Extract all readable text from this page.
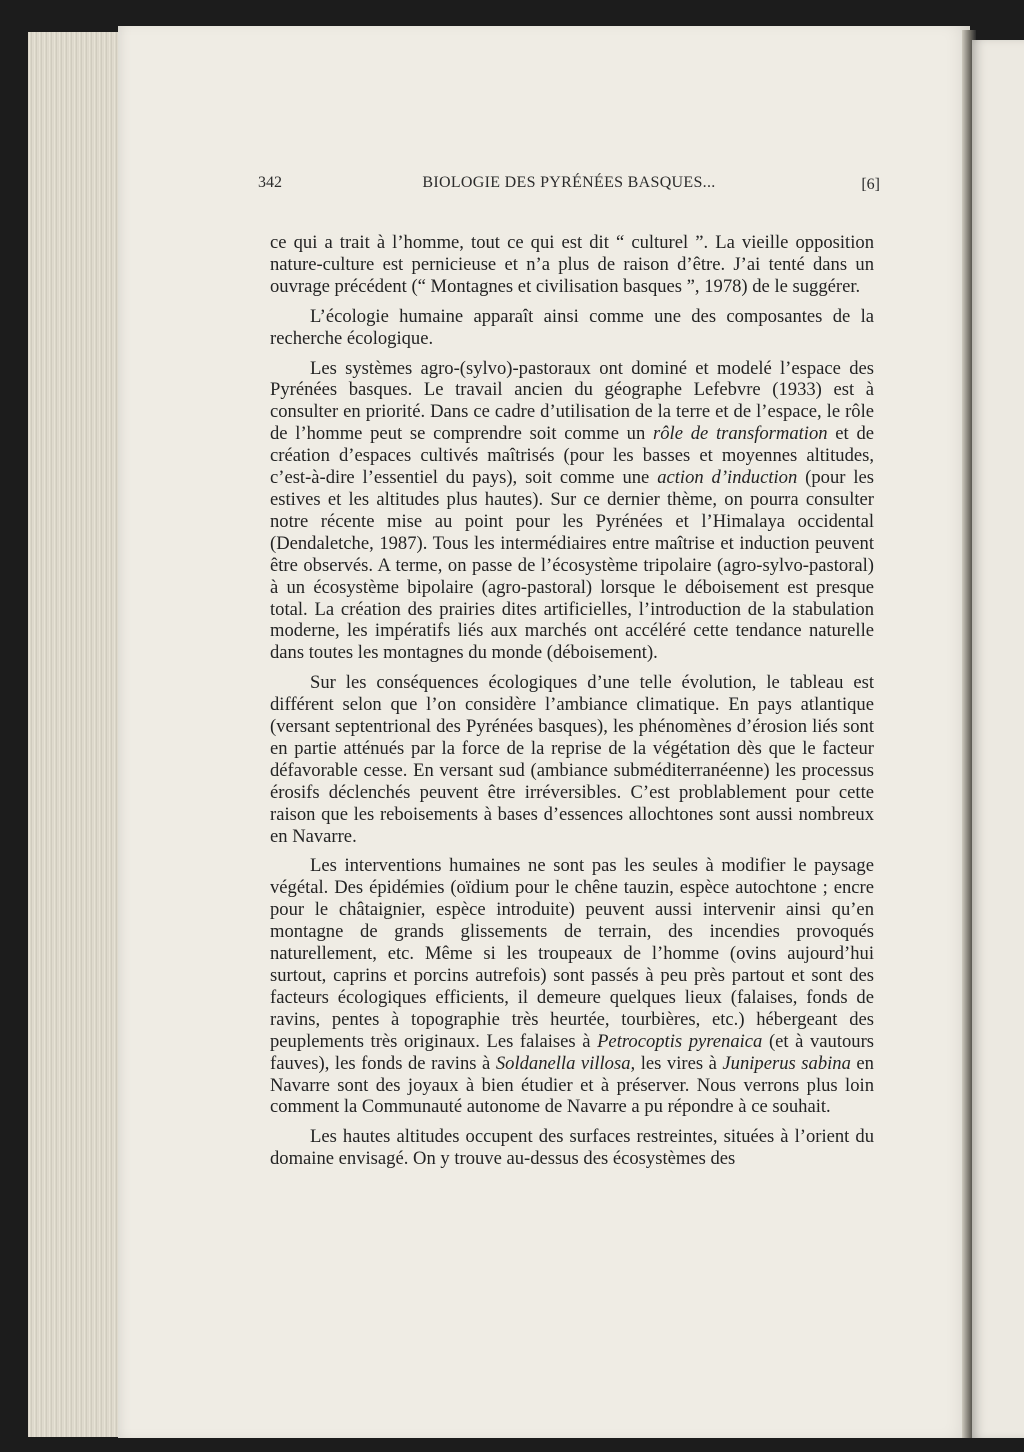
342	BIOLOGIE DES PYRÉNÉES BASQUES...	[6]

ce qui a trait à l’homme, tout ce qui est dit “ culturel ”. La vieille opposition nature-culture est pernicieuse et n’a plus de raison d’être. J’ai tenté dans un ouvrage précédent (“ Montagnes et civilisation basques ”, 1978) de le suggérer.

L’écologie humaine apparaît ainsi comme une des composantes de la recherche écologique.

Les systèmes agro-(sylvo)-pastoraux ont dominé et modelé l’espace des Pyrénées basques. Le travail ancien du géographe Lefebvre (1933) est à consulter en priorité. Dans ce cadre d’utilisation de la terre et de l’espace, le rôle de l’homme peut se comprendre soit comme un rôle de transformation et de création d’espaces cultivés maîtrisés (pour les basses et moyennes altitudes, c’est-à-dire l’essentiel du pays), soit comme une action d’induction (pour les estives et les altitudes plus hautes). Sur ce dernier thème, on pourra consulter notre récente mise au point pour les Pyrénées et l’Himalaya occidental (Dendaletche, 1987). Tous les intermédiaires entre maîtrise et induction peuvent être observés. A terme, on passe de l’écosystème tripolaire (agro-sylvo-pastoral) à un écosystème bipolaire (agro-pastoral) lorsque le déboisement est presque total. La création des prairies dites artificielles, l’introduction de la stabulation moderne, les impératifs liés aux marchés ont accéléré cette tendance naturelle dans toutes les montagnes du monde (déboisement).

Sur les conséquences écologiques d’une telle évolution, le tableau est différent selon que l’on considère l’ambiance climatique. En pays atlantique (versant septentrional des Pyrénées basques), les phénomènes d’érosion liés sont en partie atténués par la force de la reprise de la végétation dès que le facteur défavorable cesse. En versant sud (ambiance subméditerranéenne) les processus érosifs déclenchés peuvent être irréversibles. C’est problablement pour cette raison que les reboisements à bases d’essences allochtones sont aussi nombreux en Navarre.

Les interventions humaines ne sont pas les seules à modifier le paysage végétal. Des épidémies (oïdium pour le chêne tauzin, espèce autochtone ; encre pour le châtaignier, espèce introduite) peuvent aussi intervenir ainsi qu’en montagne de grands glissements de terrain, des incendies provoqués naturellement, etc. Même si les troupeaux de l’homme (ovins aujourd’hui surtout, caprins et porcins autrefois) sont passés à peu près partout et sont des facteurs écologiques efficients, il demeure quelques lieux (falaises, fonds de ravins, pentes à topographie très heurtée, tourbières, etc.) hébergeant des peuplements très originaux. Les falaises à Petrocoptis pyrenaica (et à vautours fauves), les fonds de ravins à Soldanella villosa, les vires à Juniperus sabina en Navarre sont des joyaux à bien étudier et à préserver. Nous verrons plus loin comment la Communauté autonome de Navarre a pu répondre à ce souhait.

Les hautes altitudes occupent des surfaces restreintes, situées à l’orient du domaine envisagé. On y trouve au-dessus des écosystèmes des
